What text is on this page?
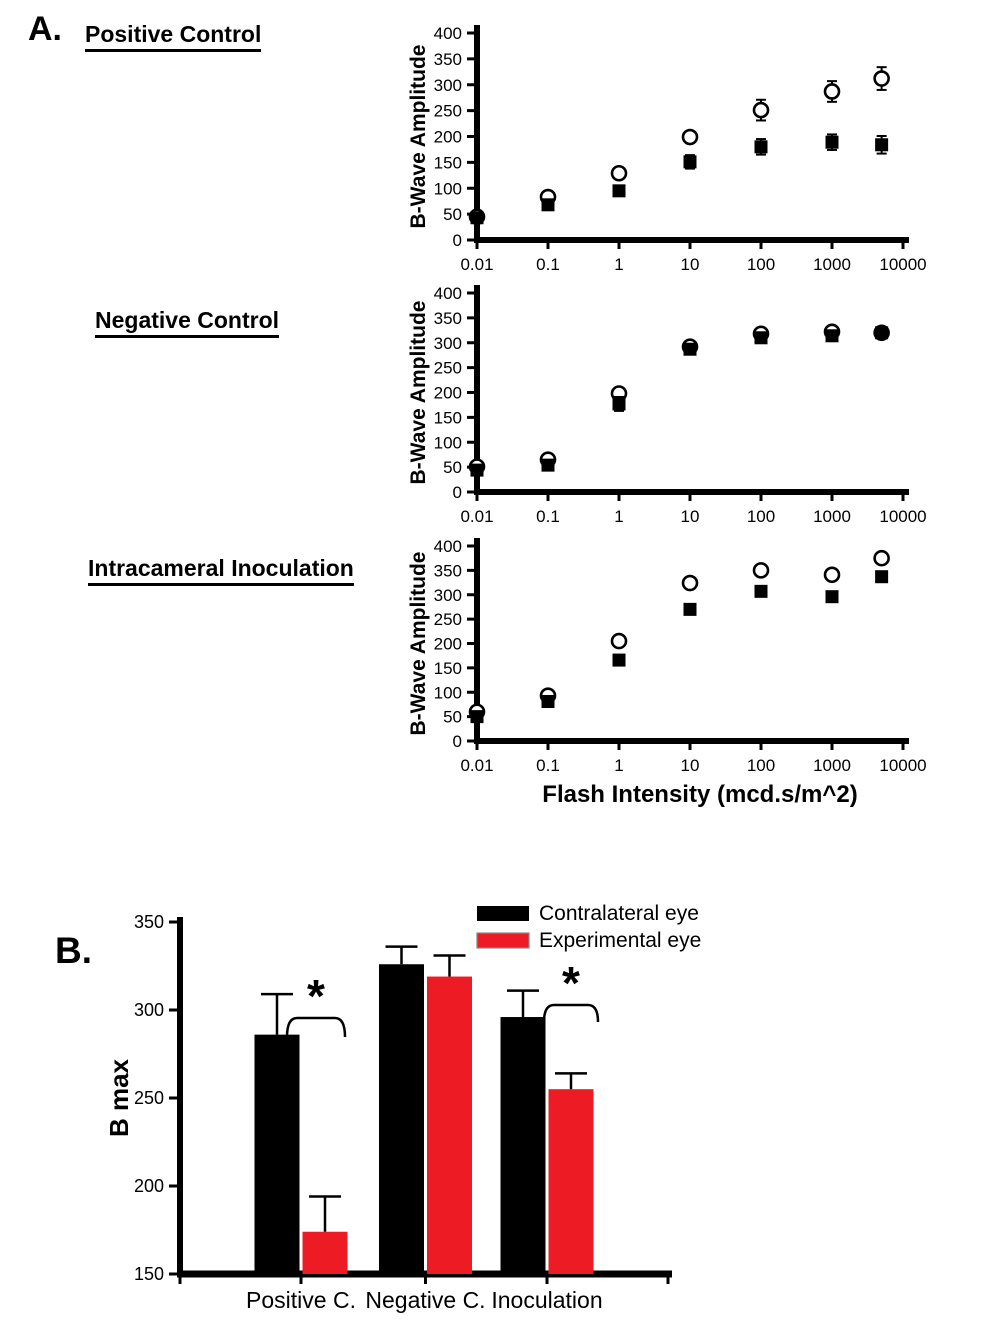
0
50
100
150
200
250
300
350
400
0.01	0.1	1	10	100 1000 10000
B-Wave Amplitude
0
50
100
150
200
250
300
350
400
0.01	0.1	1	10	100 1000 10000
B-Wave Amplitude
0
50
100
150
200
250
300
350
400
0.01	0.1	1	10	100 1000 10000
B-Wave Amplitude
150
200
250
300
350
B max
Positive C. Negative C. Inoculation
Contralateral eye
Experimental eye
*	*
A. Positive Control
Negative Control
Intracameral Inoculation
Flash Intensity (mcd.s/m^2)
B.
